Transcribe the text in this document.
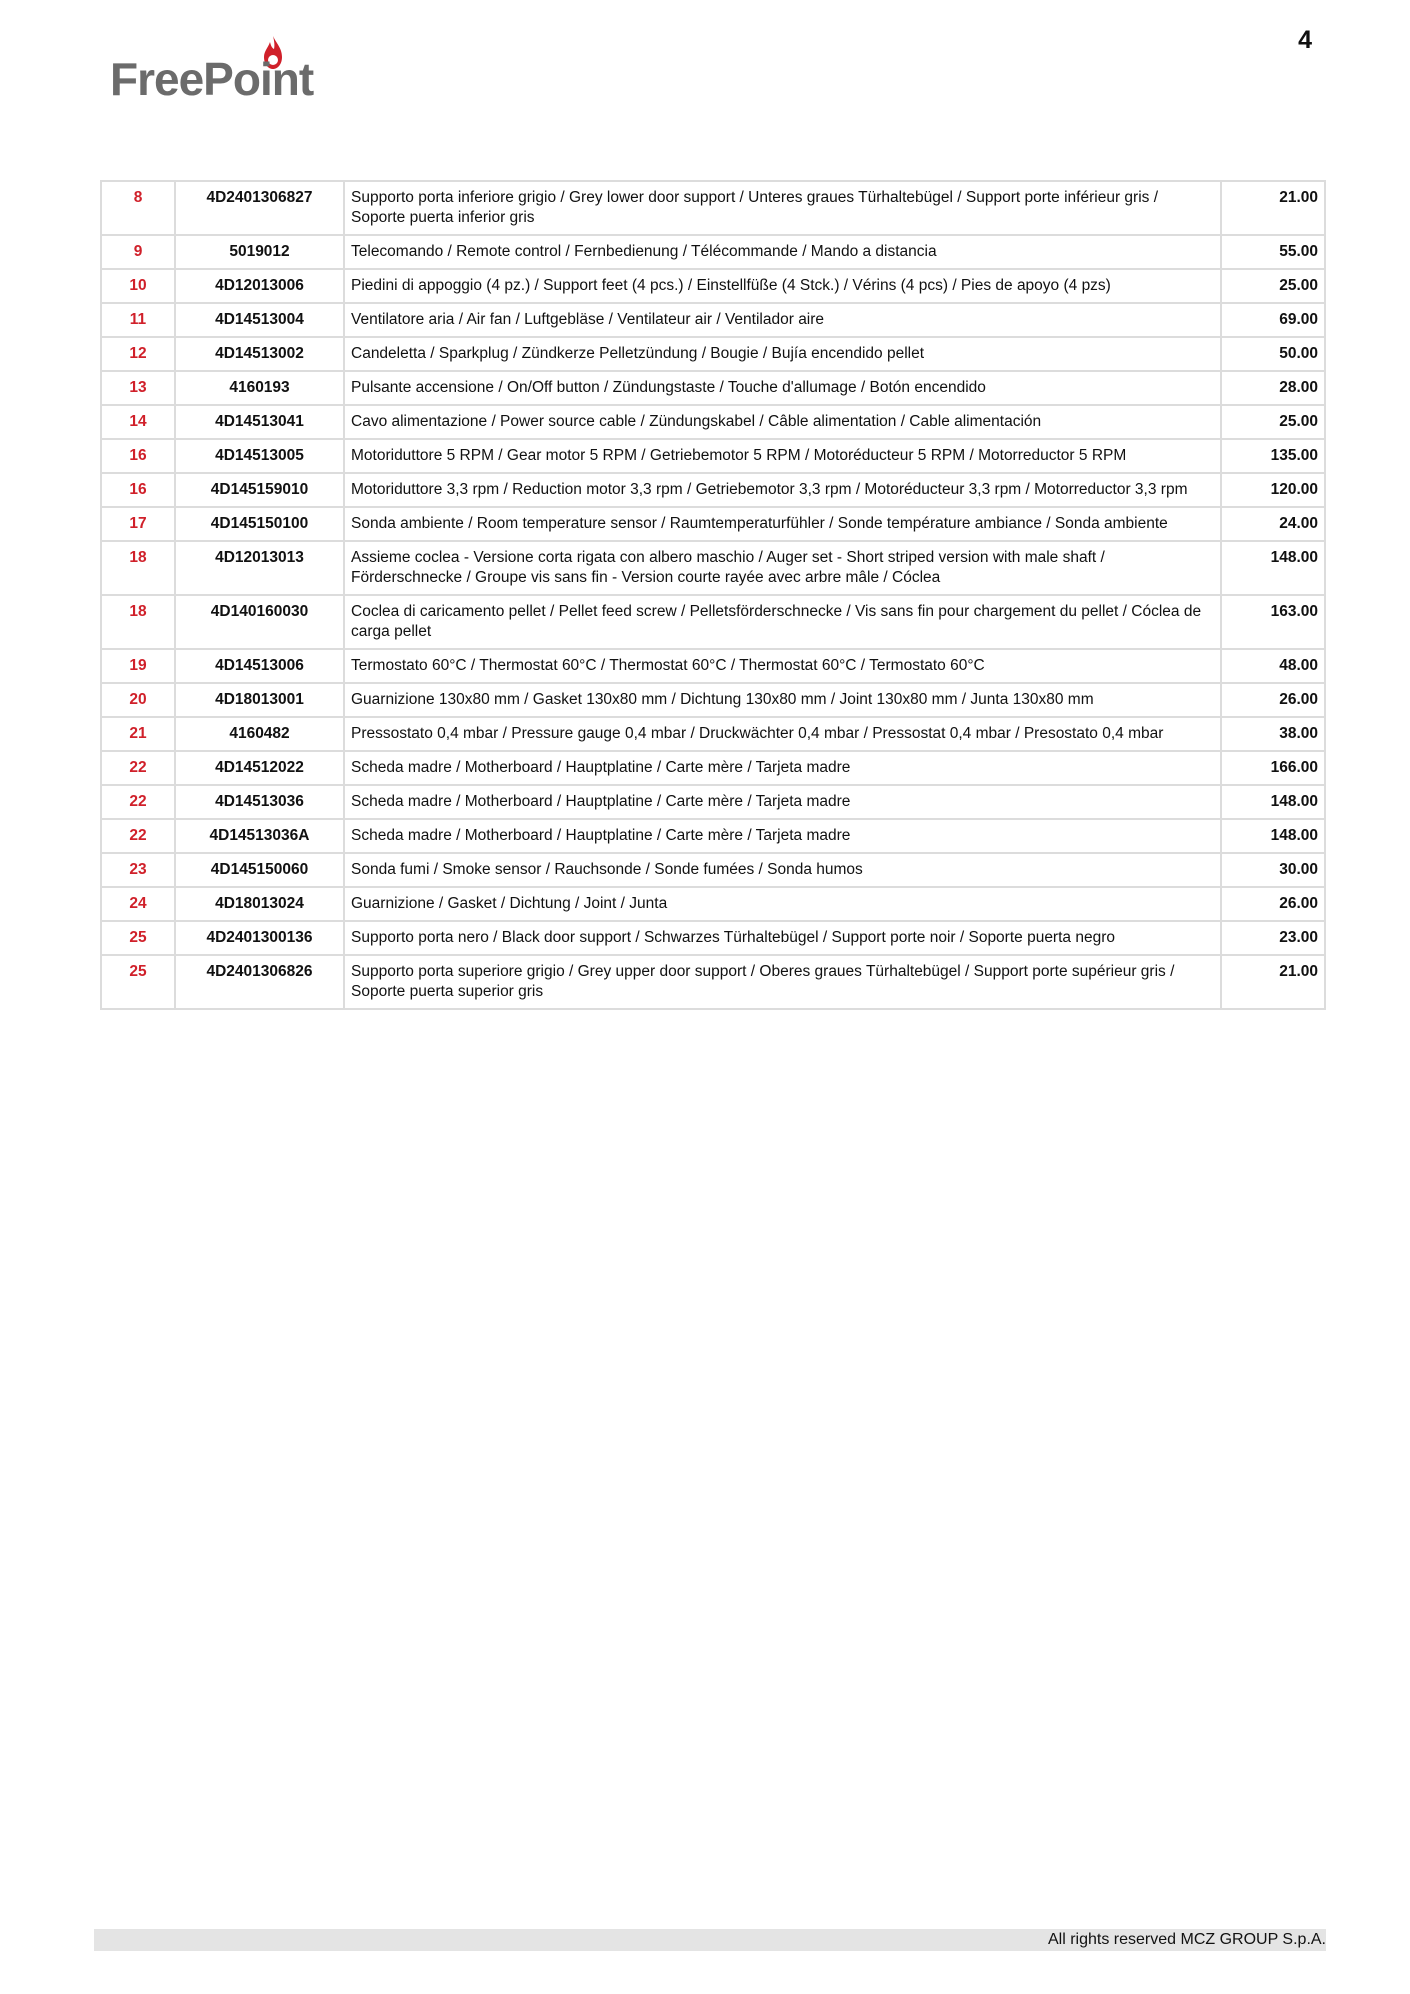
4
FreePoint
8	4D2401306827	Supporto porta inferiore grigio / Grey lower door support / Unteres graues Türhaltebügel / Support porte inférieur gris / Soporte puerta inferior gris	21.00
9	5019012	Telecomando / Remote control / Fernbedienung / Télécommande / Mando a distancia	55.00
10	4D12013006	Piedini di appoggio (4 pz.) / Support feet (4 pcs.) / Einstellfüße (4 Stck.) / Vérins (4 pcs) / Pies de apoyo (4 pzs)	25.00
11	4D14513004	Ventilatore aria / Air fan / Luftgebläse / Ventilateur air / Ventilador aire	69.00
12	4D14513002	Candeletta / Sparkplug / Zündkerze Pelletzündung / Bougie / Bujía encendido pellet	50.00
13	4160193	Pulsante accensione / On/Off button / Zündungstaste / Touche d'allumage / Botón encendido	28.00
14	4D14513041	Cavo alimentazione / Power source cable / Zündungskabel / Câble alimentation / Cable alimentación	25.00
16	4D14513005	Motoriduttore 5 RPM / Gear motor 5 RPM / Getriebemotor 5 RPM / Motoréducteur 5 RPM / Motorreductor 5 RPM	135.00
16	4D145159010	Motoriduttore 3,3 rpm / Reduction motor 3,3 rpm / Getriebemotor 3,3 rpm / Motoréducteur 3,3 rpm / Motorreductor 3,3 rpm	120.00
17	4D145150100	Sonda ambiente / Room temperature sensor / Raumtemperaturfühler / Sonde température ambiance / Sonda ambiente	24.00
18	4D12013013	Assieme coclea - Versione corta rigata con albero maschio / Auger set - Short striped version with male shaft / Förderschnecke / Groupe vis sans fin - Version courte rayée avec arbre mâle / Cóclea	148.00
18	4D140160030	Coclea di caricamento pellet / Pellet feed screw / Pelletsförderschnecke / Vis sans fin pour chargement du pellet / Cóclea de carga pellet	163.00
19	4D14513006	Termostato 60°C / Thermostat 60°C / Thermostat 60°C / Thermostat 60°C / Termostato 60°C	48.00
20	4D18013001	Guarnizione 130x80 mm / Gasket 130x80 mm / Dichtung 130x80 mm / Joint 130x80 mm / Junta 130x80 mm	26.00
21	4160482	Pressostato 0,4 mbar / Pressure gauge 0,4 mbar / Druckwächter 0,4 mbar / Pressostat 0,4 mbar / Presostato 0,4 mbar	38.00
22	4D14512022	Scheda madre / Motherboard / Hauptplatine / Carte mère / Tarjeta madre	166.00
22	4D14513036	Scheda madre / Motherboard / Hauptplatine / Carte mère / Tarjeta madre	148.00
22	4D14513036A	Scheda madre / Motherboard / Hauptplatine / Carte mère / Tarjeta madre	148.00
23	4D145150060	Sonda fumi / Smoke sensor / Rauchsonde / Sonde fumées / Sonda humos	30.00
24	4D18013024	Guarnizione / Gasket / Dichtung / Joint / Junta	26.00
25	4D2401300136	Supporto porta nero / Black door support / Schwarzes Türhaltebügel / Support porte noir / Soporte puerta negro	23.00
25	4D2401306826	Supporto porta superiore grigio / Grey upper door support / Oberes graues Türhaltebügel / Support porte supérieur gris / Soporte puerta superior gris	21.00
All rights reserved MCZ GROUP S.p.A.
